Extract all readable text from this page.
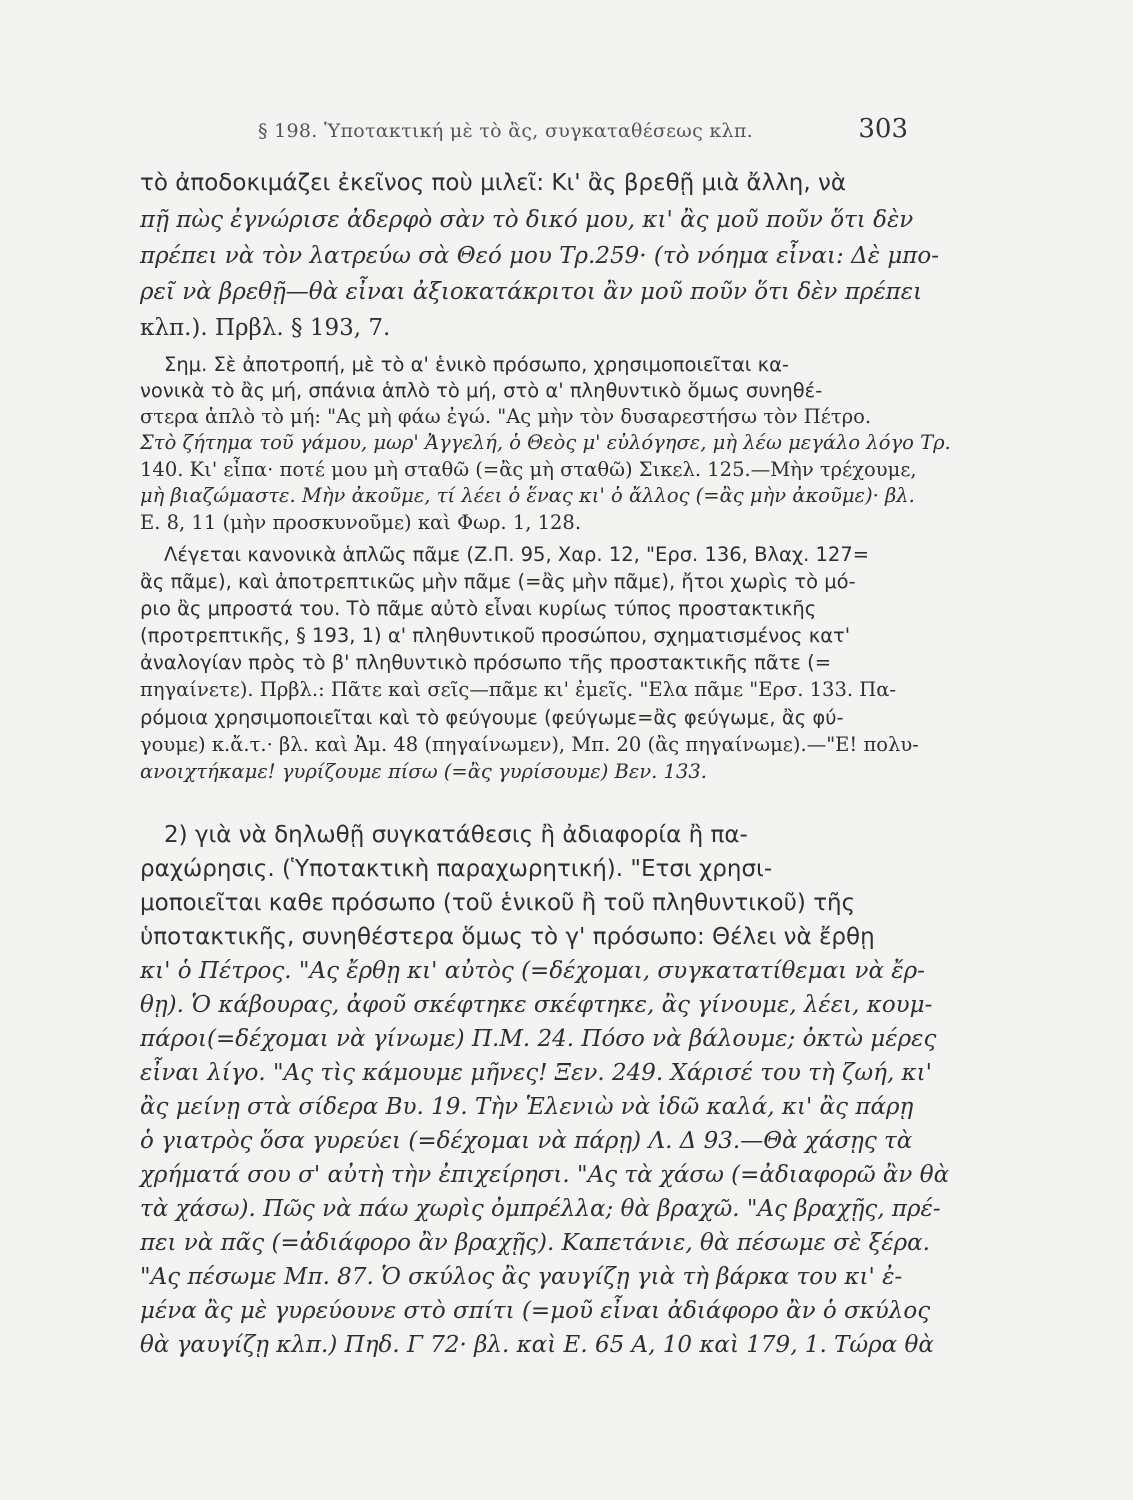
§ 198. Ὑποτακτική μὲ τὸ ἂς, συγκαταθέσεως κλπ.	303
τὸ ἀποδοκιμάζει ἐκεῖνος ποὺ μιλεῖ: Κι' ἂς βρεθῇ μιὰ ἄλλη, νὰ
πῇ πὼς ἐγνώρισε ἀδερφὸ σὰν τὸ δικό μου, κι' ἂς μοῦ ποῦν ὅτι δὲν
πρέπει νὰ τὸν λατρεύω σὰ Θεό μου Τρ.259· (τὸ νόημα εἶναι: Δὲ μπο-
ρεῖ νὰ βρεθῇ—θὰ εἶναι ἀξιοκατάκριτοι ἂν μοῦ ποῦν ὅτι δὲν πρέπει
κλπ.). Πρβλ. § 193, 7.
Σημ. Σὲ ἀποτροπή, μὲ τὸ α' ἑνικὸ πρόσωπο, χρησιμοποιεῖται κα-
νονικὰ τὸ ἂς μή, σπάνια ἁπλὸ τὸ μή, στὸ α' πληθυντικὸ ὅμως συνηθέ-
στερα ἁπλὸ τὸ μή: "Ας μὴ φάω ἐγώ. "Ας μὴν τὸν δυσαρεστήσω τὸν Πέτρο.
Στὸ ζήτημα τοῦ γάμου, μωρ' Ἀγγελή, ὁ Θεὸς μ' εὐλόγησε, μὴ λέω μεγάλο λόγο Τρ.
140. Κι' εἶπα· ποτέ μου μὴ σταθῶ (=ἂς μὴ σταθῶ) Σικελ. 125.—Μὴν τρέχουμε,
μὴ βιαζώμαστε. Μὴν ἀκοῦμε, τί λέει ὁ ἕνας κι' ὁ ἄλλος (=ἂς μὴν ἀκοῦμε)· βλ.
Ε. 8, 11 (μὴν προσκυνοῦμε) καὶ Φωρ. 1, 128.
Λέγεται κανονικὰ ἁπλῶς πᾶμε (Ζ.Π. 95, Χαρ. 12, "Ερσ. 136, Βλαχ. 127=
ἂς πᾶμε), καὶ ἀποτρεπτικῶς μὴν πᾶμε (=ἂς μὴν πᾶμε), ἤτοι χωρὶς τὸ μό-
ριο ἂς μπροστά του. Τὸ πᾶμε αὐτὸ εἶναι κυρίως τύπος προστακτικῆς
(προτρεπτικῆς, § 193, 1) α' πληθυντικοῦ προσώπου, σχηματισμένος κατ'
ἀναλογίαν πρὸς τὸ β' πληθυντικὸ πρόσωπο τῆς προστακτικῆς πᾶτε (=
πηγαίνετε). Πρβλ.: Πᾶτε καὶ σεῖς—πᾶμε κι' ἐμεῖς. "Ελα πᾶμε "Ερσ. 133. Πα-
ρόμοια χρησιμοποιεῖται καὶ τὸ φεύγουμε (φεύγωμε=ἂς φεύγωμε, ἂς φύ-
γουμε) κ.ἄ.τ.· βλ. καὶ Ἀμ. 48 (πηγαίνωμεν), Μπ. 20 (ἂς πηγαίνωμε).—"Ε! πολυ-
ανοιχτήκαμε! γυρίζουμε πίσω (=ἂς γυρίσουμε) Βεν. 133.
2) γιὰ νὰ δηλωθῇ συγκατάθεσις ἢ ἀδιαφορία ἢ πα-
ραχώρησις. (Ὑποτακτικὴ παραχωρητική). "Ετσι χρησι-
μοποιεῖται καθε πρόσωπο (τοῦ ἑνικοῦ ἢ τοῦ πληθυντικοῦ) τῆς
ὑποτακτικῆς, συνηθέστερα ὅμως τὸ γ' πρόσωπο: Θέλει νὰ ἔρθῃ
κι' ὁ Πέτρος. "Ας ἔρθῃ κι' αὐτὸς (=δέχομαι, συγκατατίθεμαι νὰ ἔρ-
θῃ). Ὁ κάβουρας, ἀφοῦ σκέφτηκε σκέφτηκε, ἂς γίνουμε, λέει, κουμ-
πάροι(=δέχομαι νὰ γίνωμε) Π.Μ. 24. Πόσο νὰ βάλουμε; ὀκτὼ μέρες
εἶναι λίγο. "Ας τὶς κάμουμε μῆνες! Ξεν. 249. Χάρισέ του τὴ ζωή, κι'
ἂς μείνῃ στὰ σίδερα Βυ. 19. Τὴν Ἑλενιὼ νὰ ἰδῶ καλά, κι' ἂς πάρῃ
ὁ γιατρὸς ὅσα γυρεύει (=δέχομαι νὰ πάρῃ) Λ. Δ 93.—Θὰ χάσῃς τὰ
χρήματά σου σ' αὐτὴ τὴν ἐπιχείρησι. "Ας τὰ χάσω (=ἀδιαφορῶ ἂν θὰ
τὰ χάσω). Πῶς νὰ πάω χωρὶς ὀμπρέλλα; θὰ βραχῶ. "Ας βραχῇς, πρέ-
πει νὰ πᾶς (=ἀδιάφορο ἂν βραχῇς). Καπετάνιε, θὰ πέσωμε σὲ ξέρα.
"Ας πέσωμε Μπ. 87. Ὁ σκύλος ἂς γαυγίζῃ γιὰ τὴ βάρκα του κι' ἐ-
μένα ἂς μὲ γυρεύουνε στὸ σπίτι (=μοῦ εἶναι ἀδιάφορο ἂν ὁ σκύλος
θὰ γαυγίζῃ κλπ.) Πηδ. Γ 72· βλ. καὶ Ε. 65 Α, 10 καὶ 179, 1. Τώρα θὰ
